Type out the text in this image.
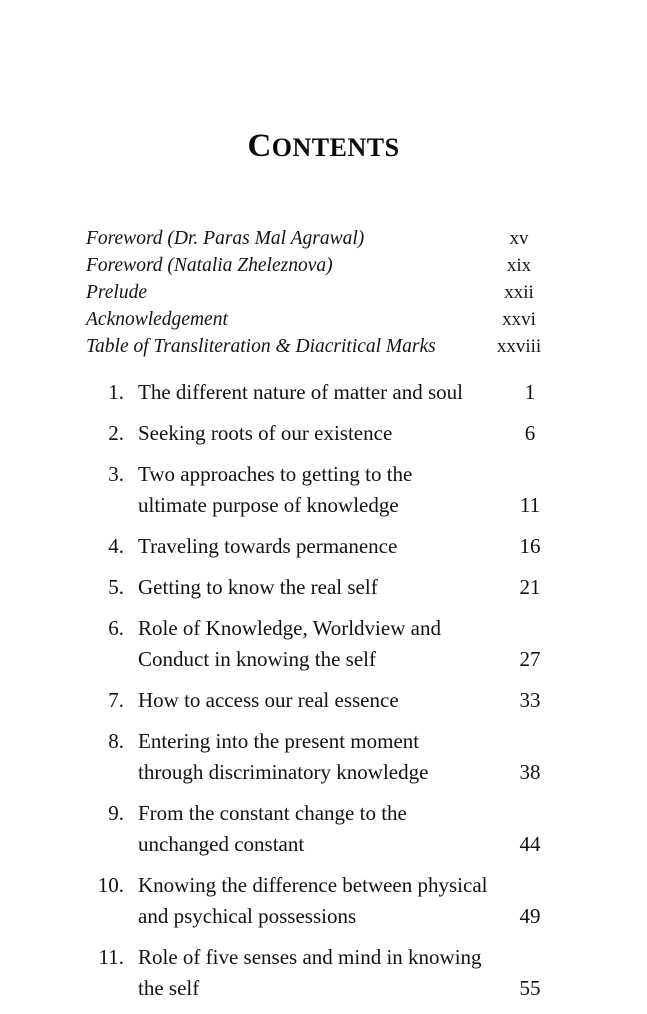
CONTENTS
Foreword (Dr. Paras Mal Agrawal)	xv
Foreword (Natalia Zheleznova)	xix
Prelude	xxii
Acknowledgement	xxvi
Table of Transliteration & Diacritical Marks	xxviii
1. The different nature of matter and soul	1
2. Seeking roots of our existence	6
3. Two approaches to getting to the
ultimate purpose of knowledge	11
4. Traveling towards permanence	16
5. Getting to know the real self	21
6. Role of Knowledge, Worldview and
Conduct in knowing the self	27
7. How to access our real essence	33
8. Entering into the present moment
through discriminatory knowledge	38
9. From the constant change to the
unchanged constant	44
10. Knowing the difference between physical
and psychical possessions	49
11. Role of five senses and mind in knowing
the self	55
